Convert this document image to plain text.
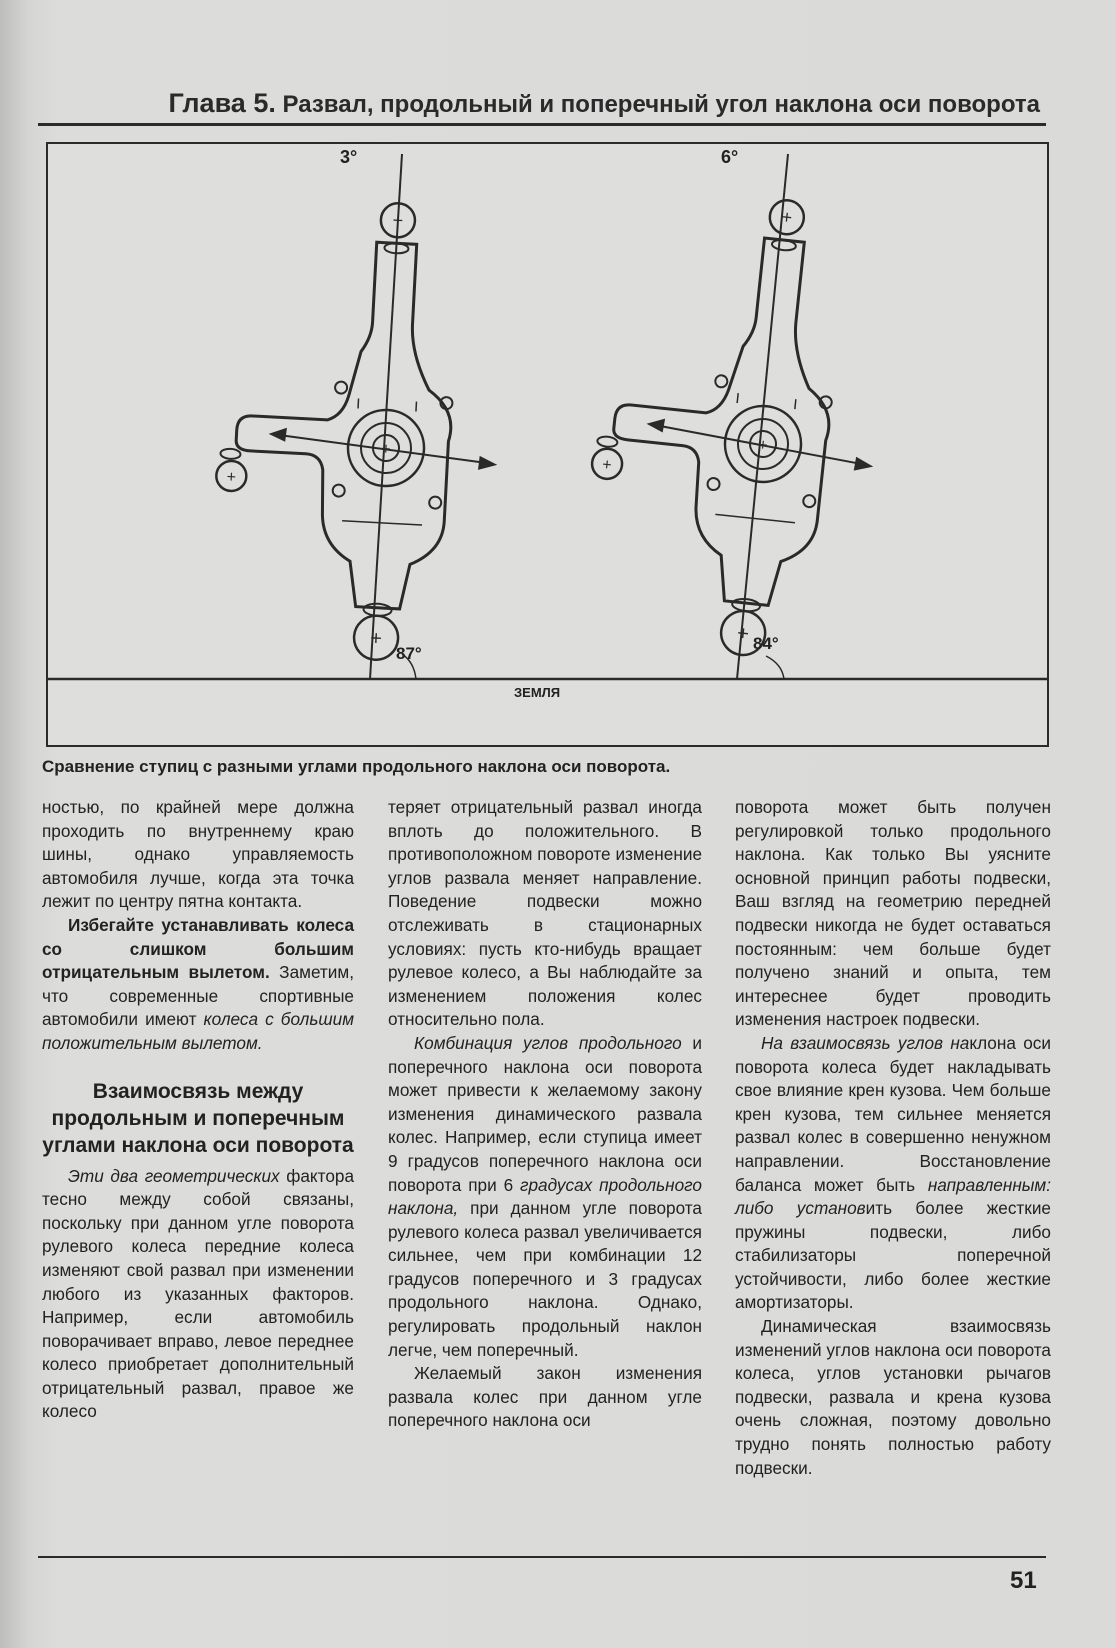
Глава 5. Развал, продольный и поперечный угол наклона оси поворота
+
+
3°	6°
87°
84°
ЗЕМЛЯ
Сравнение ступиц с разными углами продольного наклона оси поворота.

ностью, по крайней мере должна проходить по внутреннему краю шины, однако управляемость автомобиля лучше, когда эта точка лежит по центру пятна контакта.

Избегайте устанавливать колеса со слишком большим отрицательным вылетом. Заметим, что современные спортивные автомобили имеют колеса с большим положительным вылетом.

Взаимосвязь между продольным и поперечным углами наклона оси поворота

Эти два геометрических фактора тесно между собой связаны, поскольку при данном угле поворота рулевого колеса передние колеса изменяют свой развал при изменении любого из указанных факторов. Например, если автомобиль поворачивает вправо, левое переднее колесо приобретает дополнительный отрицательный развал, правое же колесо

теряет отрицательный развал иногда вплоть до положительного. В противоположном повороте изменение углов развала меняет направление. Поведение подвески можно отслеживать в стационарных условиях: пусть кто-нибудь вращает рулевое колесо, а Вы наблюдайте за изменением положения колес относительно пола.

Комбинация углов продольного и поперечного наклона оси поворота может привести к желаемому закону изменения динамического развала колес. Например, если ступица имеет 9 градусов поперечного наклона оси поворота при 6 градусах продольного наклона, при данном угле поворота рулевого колеса развал увеличивается сильнее, чем при комбинации 12 градусов поперечного и 3 градусах продольного наклона. Однако, регулировать продольный наклон легче, чем поперечный.

Желаемый закон изменения развала колес при данном угле поперечного наклона оси

поворота может быть получен регулировкой только продольного наклона. Как только Вы уясните основной принцип работы подвески, Ваш взгляд на геометрию передней подвески никогда не будет оставаться постоянным: чем больше будет получено знаний и опыта, тем интереснее будет проводить изменения настроек подвески.

На взаимосвязь углов наклона оси поворота колеса будет накладывать свое влияние крен кузова. Чем больше крен кузова, тем сильнее меняется развал колес в совершенно ненужном направлении. Восстановление баланса может быть направленным: либо установить более жесткие пружины подвески, либо стабилизаторы поперечной устойчивости, либо более жесткие амортизаторы.

Динамическая взаимосвязь изменений углов наклона оси поворота колеса, углов установки рычагов подвески, развала и крена кузова очень сложная, поэтому довольно трудно понять полностью работу подвески.

51
